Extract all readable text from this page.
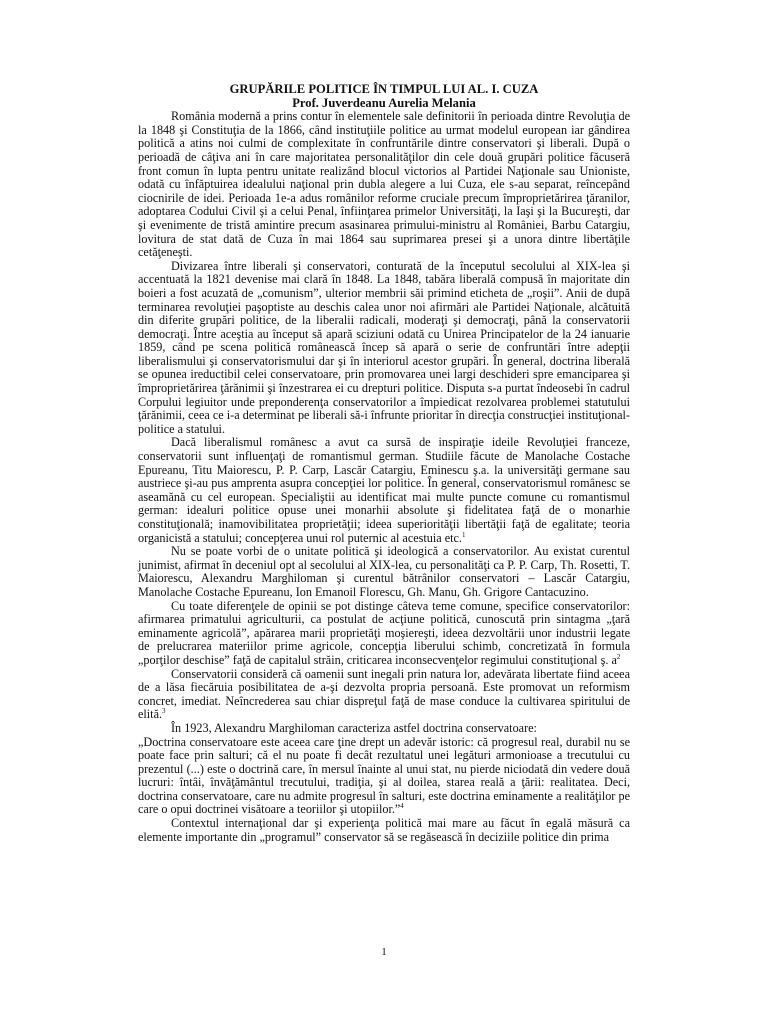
GRUPĂRILE POLITICE ÎN TIMPUL LUI AL. I. CUZA

Prof. Juverdeanu Aurelia Melania

România modernă a prins contur în elementele sale definitorii în perioada dintre Revoluţia de la 1848 şi Constituţia de la 1866, când instituţiile politice au urmat modelul european iar gândirea politică a atins noi culmi de complexitate în confruntările dintre conservatori şi liberali. După o perioadă de câţiva ani în care majoritatea personalităţilor din cele două grupări politice făcuseră front comun în lupta pentru unitate realizând blocul victorios al Partidei Naţionale sau Unioniste, odată cu înfăptuirea idealului naţional prin dubla alegere a lui Cuza, ele s-au separat, reîncepând ciocnirile de idei. Perioada 1e-a adus românilor reforme cruciale precum împroprietărirea ţăranilor, adoptarea Codului Civil şi a celui Penal, înfiinţarea primelor Universităţi, la Iaşi şi la Bucureşti, dar şi evenimente de tristă amintire precum asasinarea primului-ministru al României, Barbu Catargiu, lovitura de stat dată de Cuza în mai 1864 sau suprimarea presei şi a unora dintre libertăţile cetăţeneşti.

Divizarea între liberali şi conservatori, conturată de la începutul secolului al XIX-lea şi accentuată la 1821 devenise mai clară în 1848. La 1848, tabăra liberală compusă în majoritate din boieri a fost acuzată de „comunism”, ulterior membrii săi primind eticheta de „roşii”. Anii de după terminarea revoluţiei paşoptiste au deschis calea unor noi afirmări ale Partidei Naţionale, alcătuită din diferite grupări politice, de la liberalii radicali, moderaţi şi democraţi, până la conservatorii democraţi. Între aceştia au început să apară sciziuni odată cu Unirea Principatelor de la 24 ianuarie 1859, când pe scena politică românească încep să apară o serie de confruntări între adepţii liberalismului şi conservatorismului dar şi în interiorul acestor grupări. În general, doctrina liberală se opunea ireductibil celei conservatoare, prin promovarea unei largi deschideri spre emanciparea şi împroprietărirea ţărănimii şi înzestrarea ei cu drepturi politice. Disputa s-a purtat îndeosebi în cadrul Corpului legiuitor unde preponderenţa conservatorilor a împiedicat rezolvarea problemei statutului ţărănimii, ceea ce i-a determinat pe liberali să-i înfrunte prioritar în direcţia construcţiei instituţional-politice a statului.

Dacă liberalismul românesc a avut ca sursă de inspiraţie ideile Revoluţiei franceze, conservatorii sunt influenţaţi de romantismul german. Studiile făcute de Manolache Costache Epureanu, Titu Maiorescu, P. P. Carp, Lascăr Catargiu, Eminescu ş.a. la universităţi germane sau austriece şi-au pus amprenta asupra concepţiei lor politice. În general, conservatorismul românesc se aseamănă cu cel european. Specialiştii au identificat mai multe puncte comune cu romantismul german: idealuri politice opuse unei monarhii absolute şi fidelitatea faţă de o monarhie constituţională; inamovibilitatea proprietăţii; ideea superiorităţii libertăţii faţă de egalitate; teoria organicistă a statului; concepţerea unui rol puternic al acestuia etc.$^1$

Nu se poate vorbi de o unitate politică şi ideologică a conservatorilor. Au existat curentul junimist, afirmat în deceniul opt al secolului al XIX-lea, cu personalităţi ca P. P. Carp, Th. Rosetti, T. Maiorescu, Alexandru Marghiloman şi curentul bătrânilor conservatori – Lascăr Catargiu, Manolache Costache Epureanu, Ion Emanoil Florescu, Gh. Manu, Gh. Grigore Cantacuzino.

Cu toate diferenţele de opinii se pot distinge câteva teme comune, specifice conservatorilor: afirmarea primatului agriculturii, ca postulat de acţiune politică, cunoscută prin sintagma „ţară eminamente agricolă”, apărarea marii proprietăţi moşiereşti, ideea dezvoltării unor industrii legate de prelucrarea materiilor prime agricole, concepţia liberului schimb, concretizată în formula „porţilor deschise” faţă de capitalul străin, criticarea inconsecvenţelor regimului constituţional ş. $a^2$

Conservatorii consideră că oamenii sunt inegali prin natura lor, adevărata libertate fiind aceea de a lăsa fiecăruia posibilitatea de a-şi dezvolta propria persoană. Este promovat un reformism concret, imediat. Neîncrederea sau chiar dispreţul faţă de mase conduce la cultivarea spiritului de elită.$^3$

În 1923, Alexandru Marghiloman caracteriza astfel doctrina conservatoare:

„Doctrina conservatoare este aceea care ţine drept un adevăr istoric: că progresul real, durabil nu se poate face prin salturi; că el nu poate fi decât rezultatul unei legături armonioase a trecutului cu prezentul (...) este o doctrină care, în mersul înainte al unui stat, nu pierde niciodată din vedere două lucruri: întâi, învăţământul trecutului, tradiţia, şi al doilea, starea reală a ţării: realitatea. Deci, doctrina conservatoare, care nu admite progresul în salturi, este doctrina eminamente a realităţilor pe care o opui doctrinei visătoare a teoriilor şi utopiilor.”$^4$

Contextul internaţional dar şi experienţa politică mai mare au făcut în egală măsură ca elemente importante din „programul” conservator să se regăsească în deciziile politice din prima

1
